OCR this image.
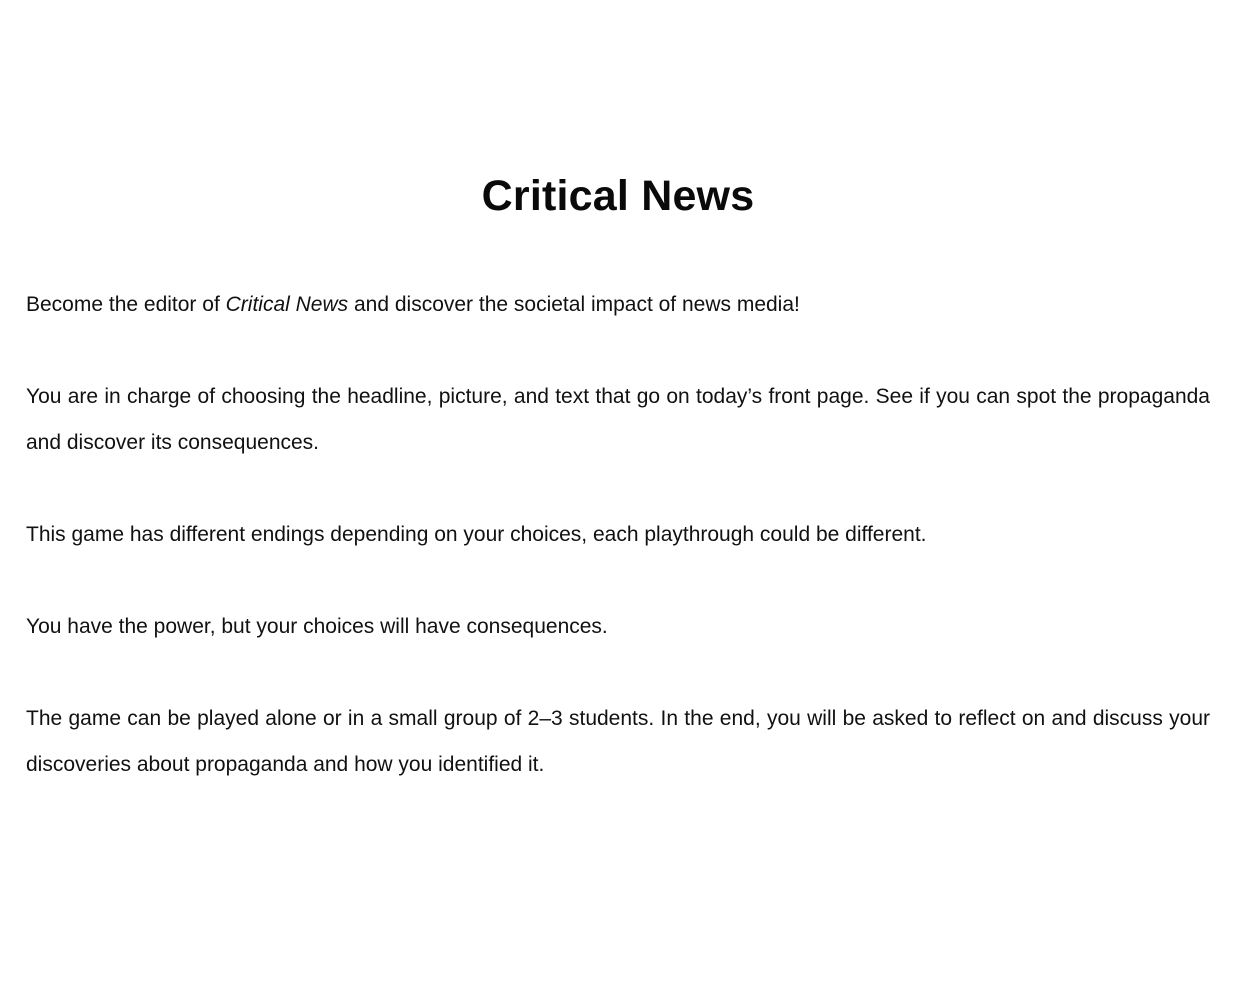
Critical News

Become the editor of Critical News and discover the societal impact of news media!

You are in charge of choosing the headline, picture, and text that go on today’s front page. See if you can spot the propaganda and discover its consequences.

This game has different endings depending on your choices, each playthrough could be different.

You have the power, but your choices will have consequences.

The game can be played alone or in a small group of 2–3 students. In the end, you will be asked to reflect on and discuss your discoveries about propaganda and how you identified it.
